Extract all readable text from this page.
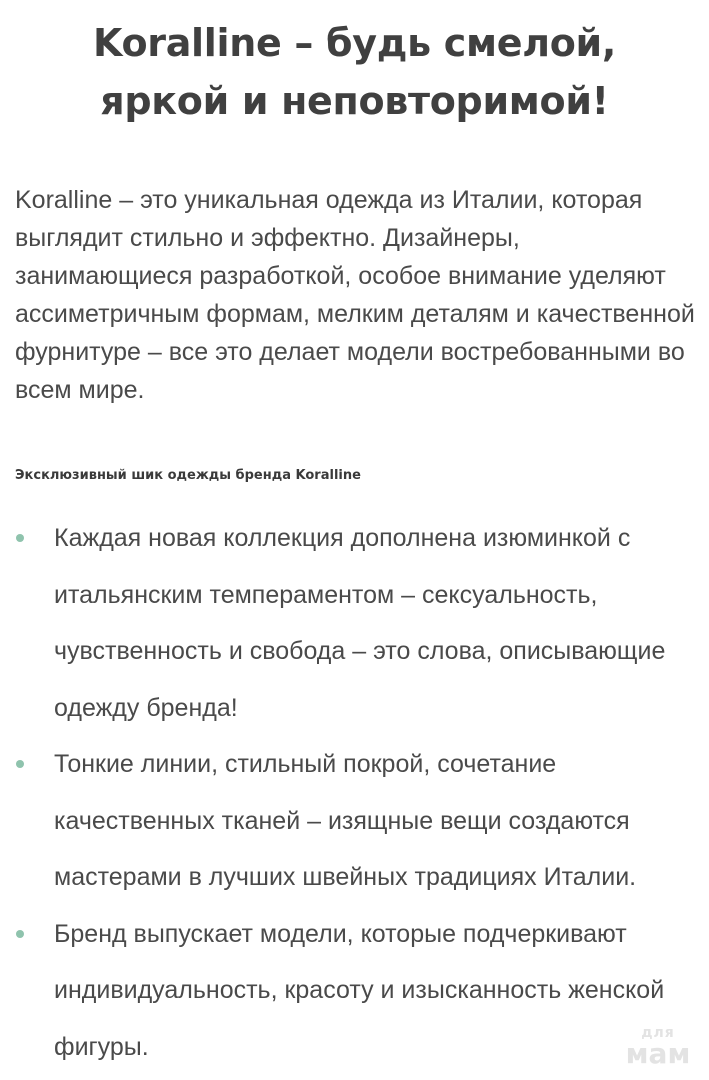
Koralline – будь смелой,
яркой и неповторимой!

Koralline – это уникальная одежда из Италии, которая выглядит стильно и эффектно. Дизайнеры, занимающиеся разработкой, особое внимание уделяют ассиметричным формам, мелким деталям и качественной фурнитуре – все это делает модели востребованными во всем мире.

Эксклюзивный шик одежды бренда Koralline
Каждая новая коллекция дополнена изюминкой с итальянским темпераментом – сексуальность, чувственность и свобода – это слова, описывающие одежду бренда!
Тонкие линии, стильный покрой, сочетание качественных тканей – изящные вещи создаются мастерами в лучших швейных традициях Италии.
Бренд выпускает модели, которые подчеркивают индивидуальность, красоту и изысканность женской фигуры.	для
мам
